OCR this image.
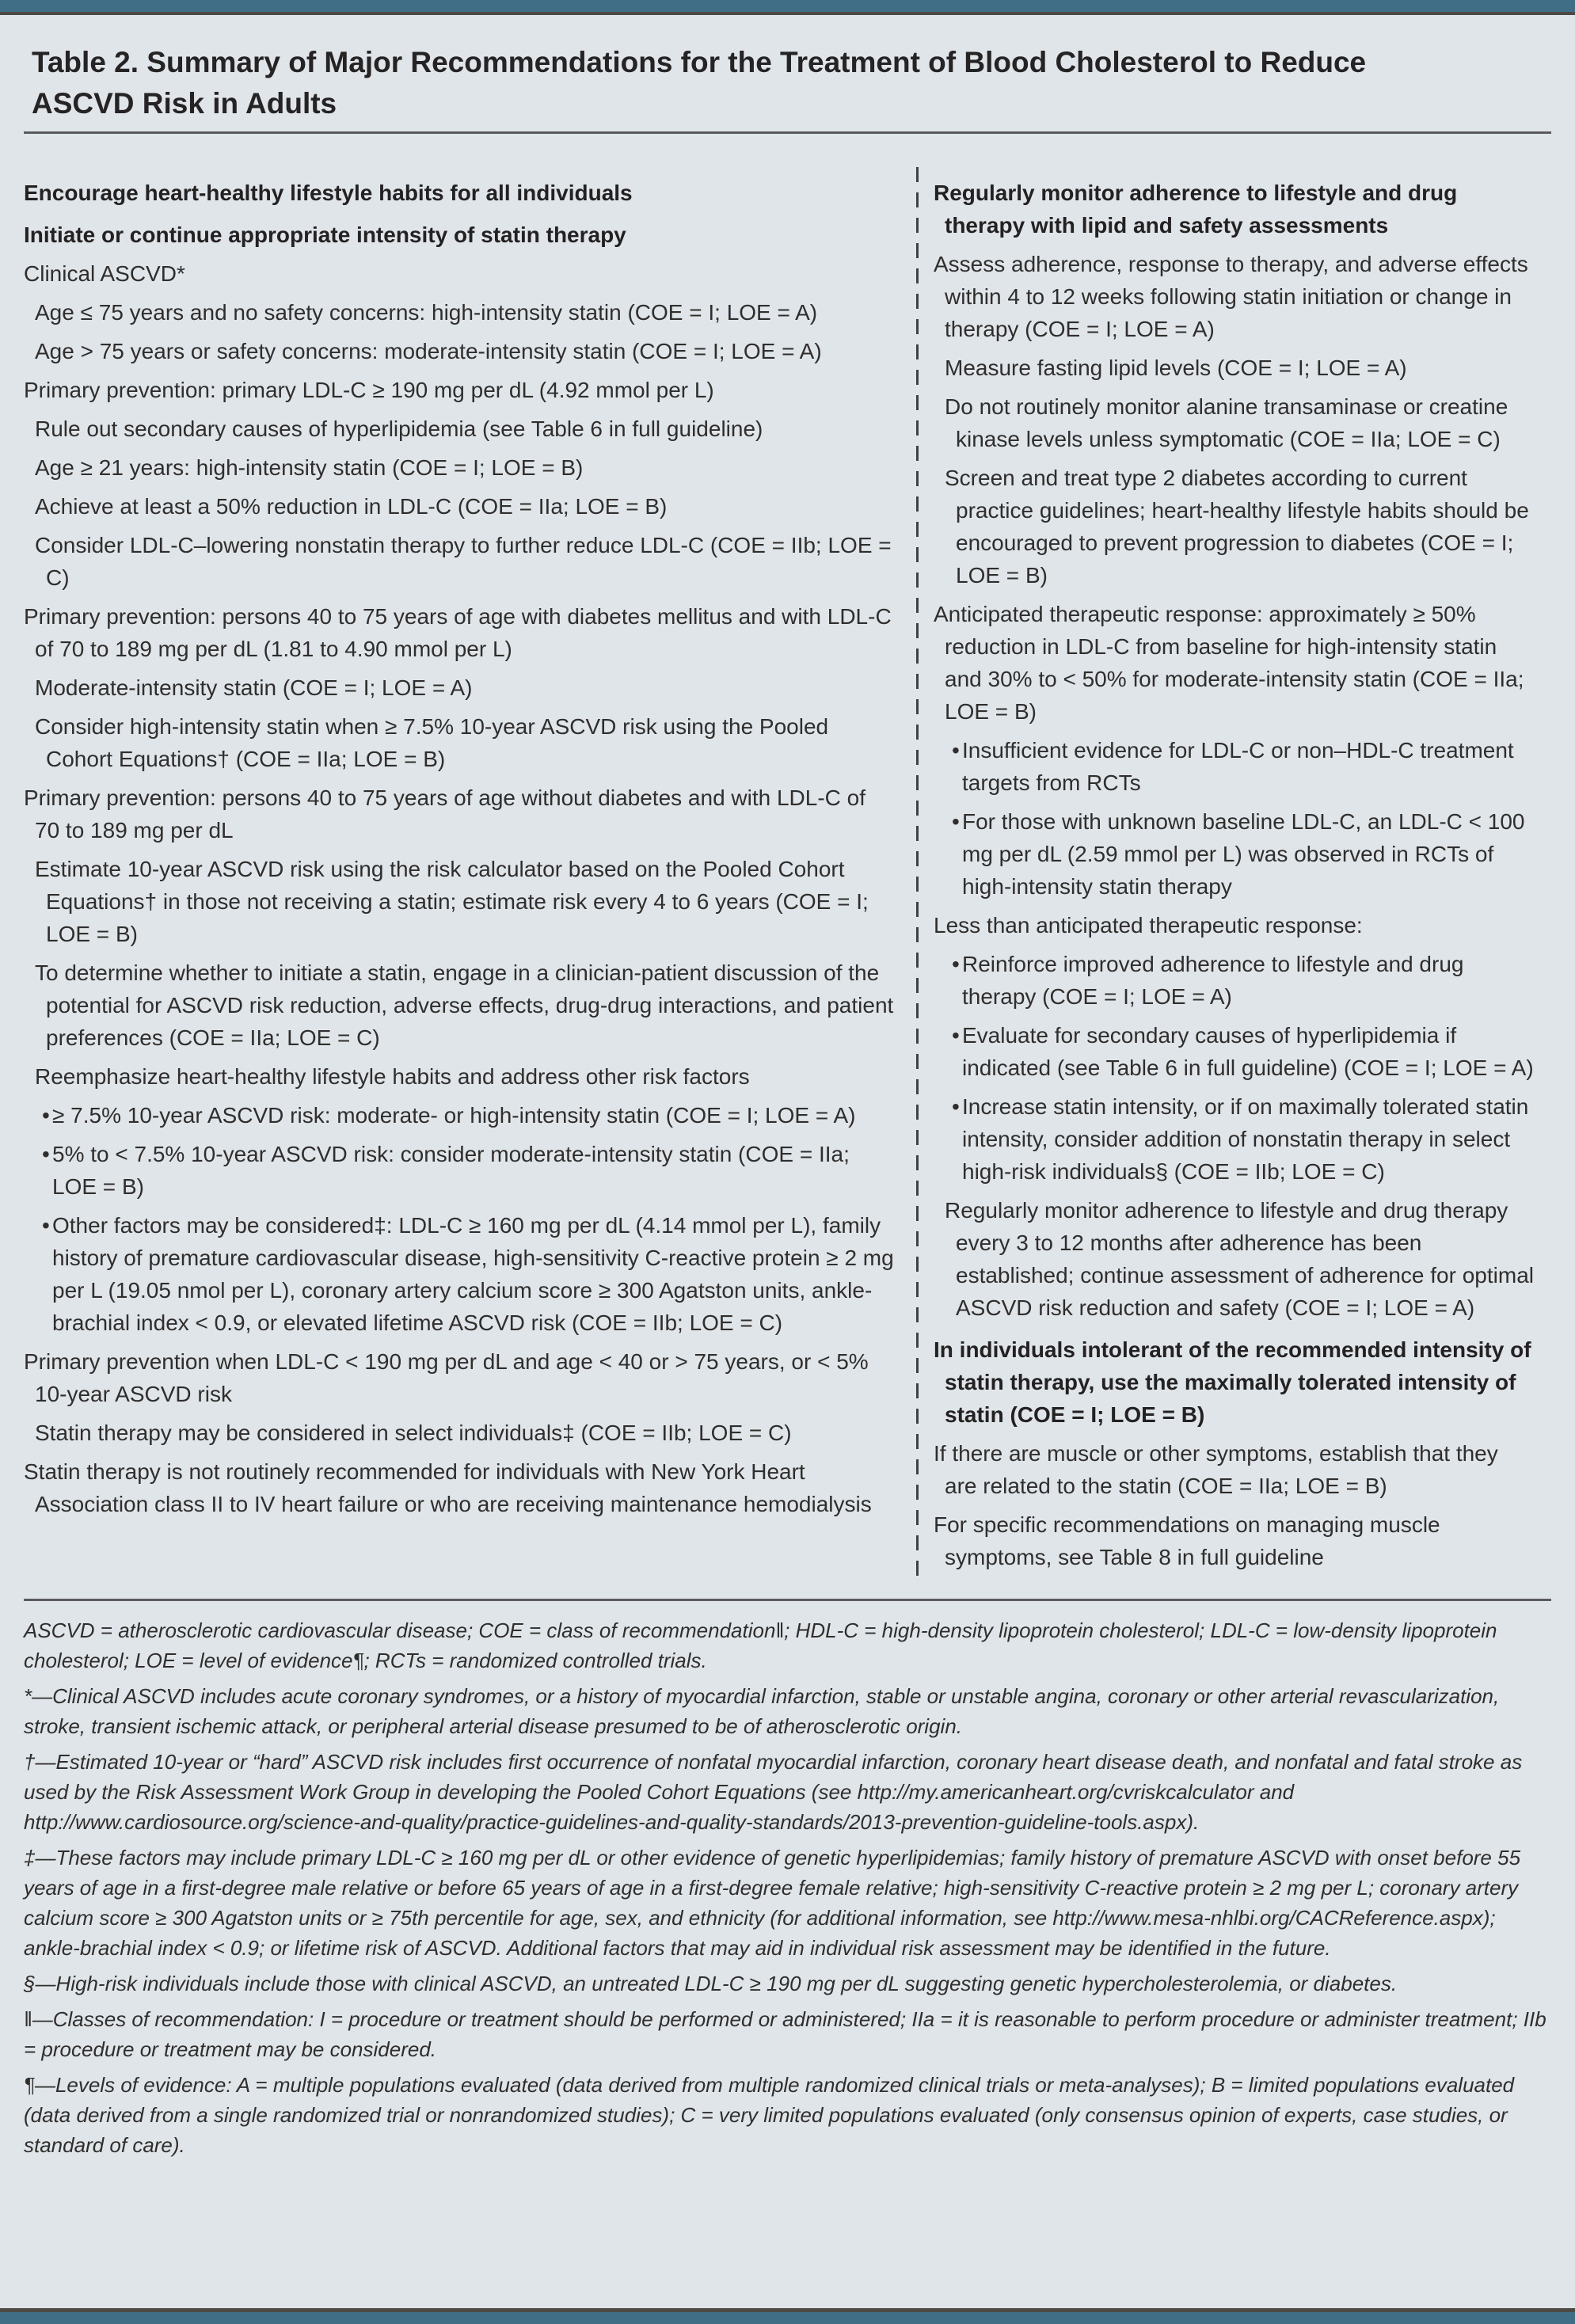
Table 2. Summary of Major Recommendations for the Treatment of Blood Cholesterol to Reduce ASCVD Risk in Adults
Encourage heart-healthy lifestyle habits for all individuals
Initiate or continue appropriate intensity of statin therapy
Clinical ASCVD*
Age ≤ 75 years and no safety concerns: high-intensity statin (COE = I; LOE = A)
Age > 75 years or safety concerns: moderate-intensity statin (COE = I; LOE = A)
Primary prevention: primary LDL-C ≥ 190 mg per dL (4.92 mmol per L)
Rule out secondary causes of hyperlipidemia (see Table 6 in full guideline)
Age ≥ 21 years: high-intensity statin (COE = I; LOE = B)
Achieve at least a 50% reduction in LDL-C (COE = IIa; LOE = B)
Consider LDL-C–lowering nonstatin therapy to further reduce LDL-C (COE = IIb; LOE = C)
Primary prevention: persons 40 to 75 years of age with diabetes mellitus and with LDL-C of 70 to 189 mg per dL (1.81 to 4.90 mmol per L)
Moderate-intensity statin (COE = I; LOE = A)
Consider high-intensity statin when ≥ 7.5% 10-year ASCVD risk using the Pooled Cohort Equations† (COE = IIa; LOE = B)
Primary prevention: persons 40 to 75 years of age without diabetes and with LDL-C of 70 to 189 mg per dL
Estimate 10-year ASCVD risk using the risk calculator based on the Pooled Cohort Equations† in those not receiving a statin; estimate risk every 4 to 6 years (COE = I; LOE = B)
To determine whether to initiate a statin, engage in a clinician-patient discussion of the potential for ASCVD risk reduction, adverse effects, drug-drug interactions, and patient preferences (COE = IIa; LOE = C)
Reemphasize heart-healthy lifestyle habits and address other risk factors
• ≥ 7.5% 10-year ASCVD risk: moderate- or high-intensity statin (COE = I; LOE = A)
• 5% to < 7.5% 10-year ASCVD risk: consider moderate-intensity statin (COE = IIa; LOE = B)
• Other factors may be considered‡: LDL-C ≥ 160 mg per dL (4.14 mmol per L), family history of premature cardiovascular disease, high-sensitivity C-reactive protein ≥ 2 mg per L (19.05 nmol per L), coronary artery calcium score ≥ 300 Agatston units, ankle-brachial index < 0.9, or elevated lifetime ASCVD risk (COE = IIb; LOE = C)
Primary prevention when LDL-C < 190 mg per dL and age < 40 or > 75 years, or < 5% 10-year ASCVD risk
Statin therapy may be considered in select individuals‡ (COE = IIb; LOE = C)
Statin therapy is not routinely recommended for individuals with New York Heart Association class II to IV heart failure or who are receiving maintenance hemodialysis
Regularly monitor adherence to lifestyle and drug therapy with lipid and safety assessments
Assess adherence, response to therapy, and adverse effects within 4 to 12 weeks following statin initiation or change in therapy (COE = I; LOE = A)
Measure fasting lipid levels (COE = I; LOE = A)
Do not routinely monitor alanine transaminase or creatine kinase levels unless symptomatic (COE = IIa; LOE = C)
Screen and treat type 2 diabetes according to current practice guidelines; heart-healthy lifestyle habits should be encouraged to prevent progression to diabetes (COE = I; LOE = B)
Anticipated therapeutic response: approximately ≥ 50% reduction in LDL-C from baseline for high-intensity statin and 30% to < 50% for moderate-intensity statin (COE = IIa; LOE = B)
• Insufficient evidence for LDL-C or non–HDL-C treatment targets from RCTs
• For those with unknown baseline LDL-C, an LDL-C < 100 mg per dL (2.59 mmol per L) was observed in RCTs of high-intensity statin therapy
Less than anticipated therapeutic response:
• Reinforce improved adherence to lifestyle and drug therapy (COE = I; LOE = A)
• Evaluate for secondary causes of hyperlipidemia if indicated (see Table 6 in full guideline) (COE = I; LOE = A)
• Increase statin intensity, or if on maximally tolerated statin intensity, consider addition of nonstatin therapy in select high-risk individuals§ (COE = IIb; LOE = C)
Regularly monitor adherence to lifestyle and drug therapy every 3 to 12 months after adherence has been established; continue assessment of adherence for optimal ASCVD risk reduction and safety (COE = I; LOE = A)
In individuals intolerant of the recommended intensity of statin therapy, use the maximally tolerated intensity of statin (COE = I; LOE = B)
If there are muscle or other symptoms, establish that they are related to the statin (COE = IIa; LOE = B)
For specific recommendations on managing muscle symptoms, see Table 8 in full guideline
ASCVD = atherosclerotic cardiovascular disease; COE = class of recommendation‖; HDL-C = high-density lipoprotein cholesterol; LDL-C = low-density lipoprotein cholesterol; LOE = level of evidence¶; RCTs = randomized controlled trials.
*—Clinical ASCVD includes acute coronary syndromes, or a history of myocardial infarction, stable or unstable angina, coronary or other arterial revascularization, stroke, transient ischemic attack, or peripheral arterial disease presumed to be of atherosclerotic origin.
†—Estimated 10-year or “hard” ASCVD risk includes first occurrence of nonfatal myocardial infarction, coronary heart disease death, and nonfatal and fatal stroke as used by the Risk Assessment Work Group in developing the Pooled Cohort Equations (see http://my.americanheart.org/cvriskcalculator and http://www.cardiosource.org/science-and-quality/practice-guidelines-and-quality-standards/2013-prevention-guideline-tools.aspx).
‡—These factors may include primary LDL-C ≥ 160 mg per dL or other evidence of genetic hyperlipidemias; family history of premature ASCVD with onset before 55 years of age in a first-degree male relative or before 65 years of age in a first-degree female relative; high-sensitivity C-reactive protein ≥ 2 mg per L; coronary artery calcium score ≥ 300 Agatston units or ≥ 75th percentile for age, sex, and ethnicity (for additional information, see http://www.mesa-nhlbi.org/CACReference.aspx); ankle-brachial index < 0.9; or lifetime risk of ASCVD. Additional factors that may aid in individual risk assessment may be identified in the future.
§—High-risk individuals include those with clinical ASCVD, an untreated LDL-C ≥ 190 mg per dL suggesting genetic hypercholesterolemia, or diabetes.
‖—Classes of recommendation: I = procedure or treatment should be performed or administered; IIa = it is reasonable to perform procedure or administer treatment; IIb = procedure or treatment may be considered.
¶—Levels of evidence: A = multiple populations evaluated (data derived from multiple randomized clinical trials or meta-analyses); B = limited populations evaluated (data derived from a single randomized trial or nonrandomized studies); C = very limited populations evaluated (only consensus opinion of experts, case studies, or standard of care).
